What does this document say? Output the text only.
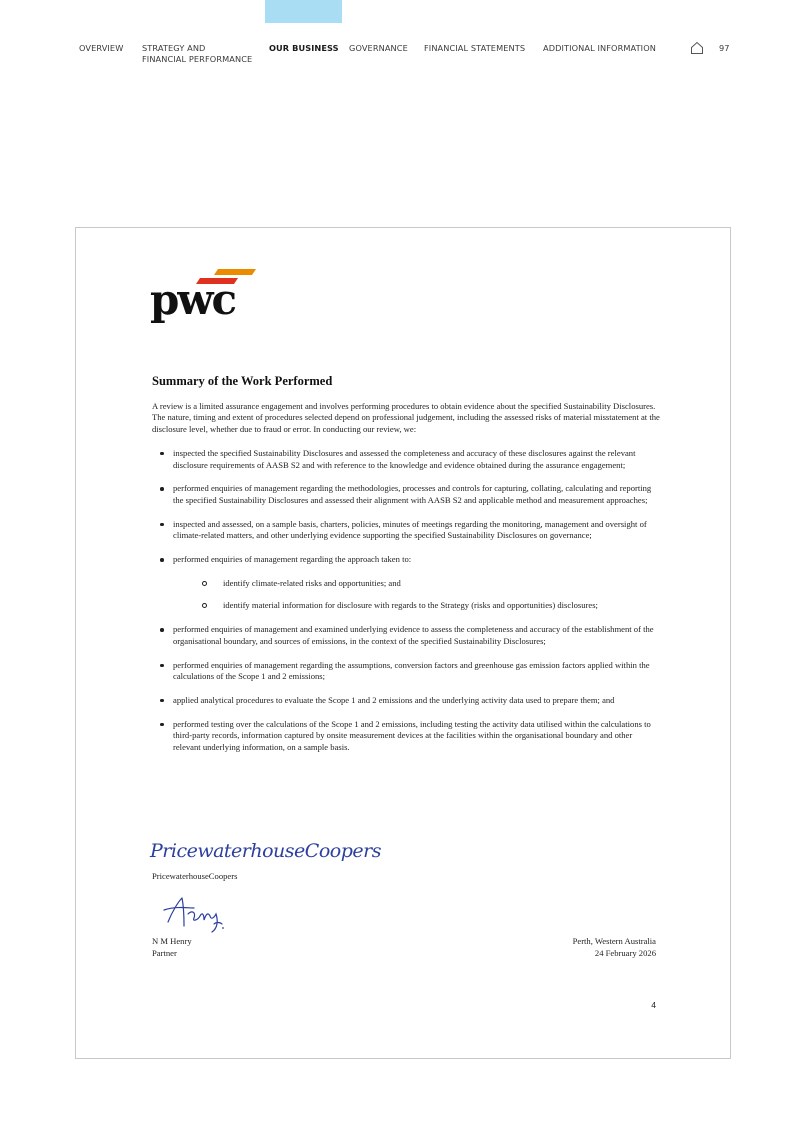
OVERVIEW STRATEGY AND
FINANCIAL PERFORMANCE
OUR BUSINESS GOVERNANCE FINANCIAL STATEMENTS ADDITIONAL INFORMATION	97
pwc
Summary of the Work Performed

A review is a limited assurance engagement and involves performing procedures to obtain evidence about the specified Sustainability Disclosures. The nature, timing and extent of procedures selected depend on professional judgement, including the assessed risks of material misstatement at the disclosure level, whether due to fraud or error. In conducting our review, we:

inspected the specified Sustainability Disclosures and assessed the completeness and accuracy of these disclosures against the relevant disclosure requirements of AASB S2 and with reference to the knowledge and evidence obtained during the assurance engagement;
performed enquiries of management regarding the methodologies, processes and controls for capturing, collating, calculating and reporting the specified Sustainability Disclosures and assessed their alignment with AASB S2 and applicable method and measurement approaches;
inspected and assessed, on a sample basis, charters, policies, minutes of meetings regarding the monitoring, management and oversight of climate-related matters, and other underlying evidence supporting the specified Sustainability Disclosures on governance;
performed enquiries of management regarding the approach taken to:
identify climate-related risks and opportunities; and
identify material information for disclosure with regards to the Strategy (risks and opportunities) disclosures;
performed enquiries of management and examined underlying evidence to assess the completeness and accuracy of the establishment of the organisational boundary, and sources of emissions, in the context of the specified Sustainability Disclosures;
performed enquiries of management regarding the assumptions, conversion factors and greenhouse gas emission factors applied within the calculations of the Scope 1 and 2 emissions;
applied analytical procedures to evaluate the Scope 1 and 2 emissions and the underlying activity data used to prepare them; and
performed testing over the calculations of the Scope 1 and 2 emissions, including testing the activity data utilised within the calculations to third-party records, information captured by onsite measurement devices at the facilities within the organisational boundary and other relevant underlying information, on a sample basis.
PricewaterhouseCoopers
PricewaterhouseCoopers
N M Henry
Partner
Perth, Western Australia
24 February 2026
4
